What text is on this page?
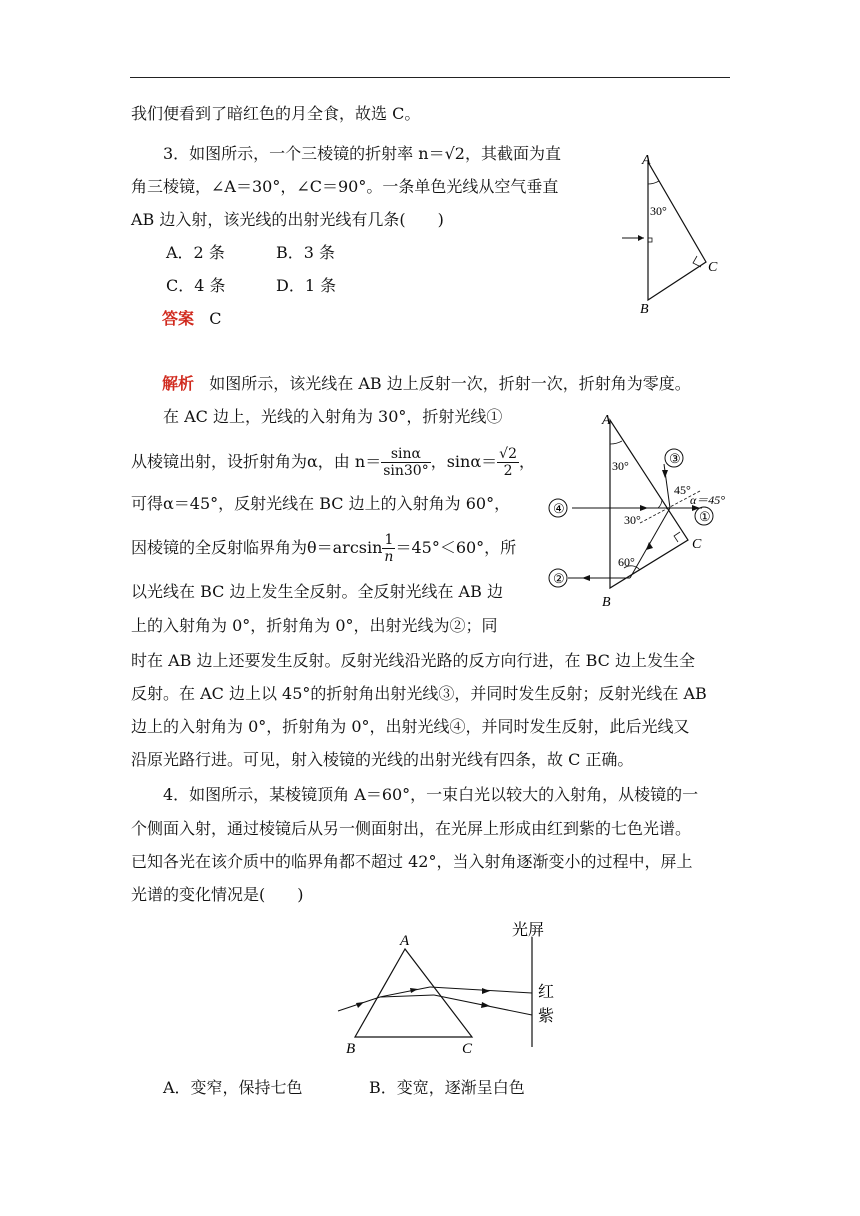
我们便看到了暗红色的月全食，故选 C。
3．如图所示，一个三棱镜的折射率 n＝√2，其截面为直
角三棱镜，∠A＝30°，∠C＝90°。一条单色光线从空气垂直
AB 边入射，该光线的出射光线有几条(　　)
A．2 条	B．3 条
C．4 条	D．1 条
答案 C
A
B
C
30°
解析 如图所示，该光线在 AB 边上反射一次，折射一次，折射角为零度。
在 AC 边上，光线的入射角为 30°，折射光线①
从棱镜出射，设折射角为α，由 $n= \frac{\sin\alpha}{\sin 30^\circ}$ ，$\sin\alpha= \frac{√2}{2}$ ，
可得α＝45°，反射光线在 BC 边上的入射角为 60°，
因棱镜的全反射临界角为$\theta=\arcsin \frac{1}{n} =45^\circ<60^\circ$，所
以光线在 BC 边上发生全反射。全反射光线在 AB 边
上的入射角为 0°，折射角为 0°，出射光线为②；同
时在 AB 边上还要发生反射。反射光线沿光路的反方向行进，在 BC 边上发生全
反射。在 AC 边上以 45°的折射角出射光线③，并同时发生反射；反射光线在 AB
边上的入射角为 0°，折射角为 0°，出射光线④，并同时发生反射，此后光线又
沿原光路行进。可见，射入棱镜的光线的出射光线有四条，故 C 正确。
④
②
③
①
A
B
C
30°
45°
α＝45°
30°
60°
4．如图所示，某棱镜顶角 A＝60°，一束白光以较大的入射角，从棱镜的一
个侧面入射，通过棱镜后从另一侧面射出，在光屏上形成由红到紫的七色光谱。
已知各光在该介质中的临界角都不超过 42°，当入射角逐渐变小的过程中，屏上
光谱的变化情况是(　　)
A
B	C
光屏
红
紫
A．变窄，保持七色	B．变宽，逐渐呈白色
